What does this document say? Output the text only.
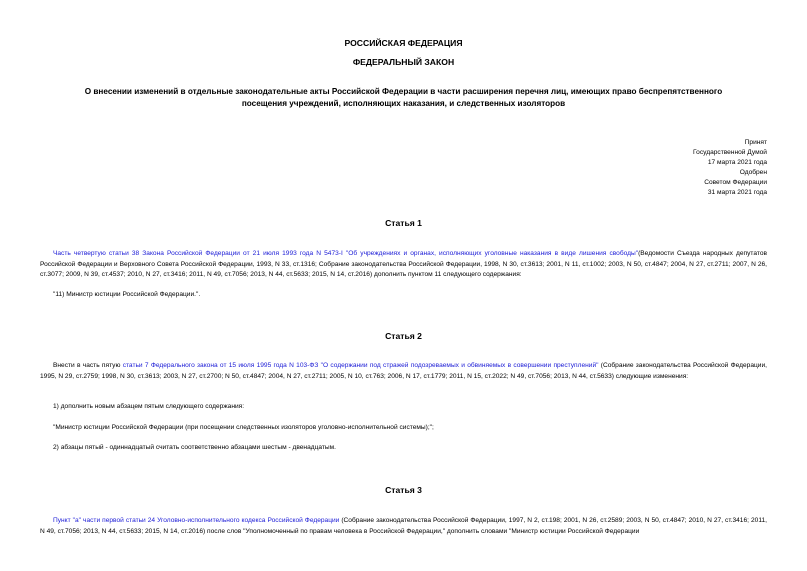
РОССИЙСКАЯ ФЕДЕРАЦИЯ
ФЕДЕРАЛЬНЫЙ ЗАКОН
О внесении изменений в отдельные законодательные акты Российской Федерации в части расширения перечня лиц, имеющих право беспрепятственного
посещения учреждений, исполняющих наказания, и следственных изоляторов
Принят
Государственной Думой
17 марта 2021 года
Одобрен
Советом Федерации
31 марта 2021 года
Статья 1
Часть четвертую статьи 38 Закона Российской Федерации от 21 июля 1993 года N 5473-I "Об учреждениях и органах, исполняющих уголовные наказания в виде лишения свободы"(Ведомости Съезда народных депутатов Российской Федерации и Верховного Совета Российской Федерации, 1993, N 33, ст.1316; Собрание законодательства Российской Федерации, 1998, N 30, ст.3613; 2001, N 11, ст.1002; 2003, N 50, ст.4847; 2004, N 27, ст.2711; 2007, N 26, ст.3077; 2009, N 39, ст.4537; 2010, N 27, ст.3416; 2011, N 49, ст.7056; 2013, N 44, ст.5633; 2015, N 14, ст.2016) дополнить пунктом 11 следующего содержания:
"11) Министр юстиции Российской Федерации.".
Статья 2
Внести в часть пятую статьи 7 Федерального закона от 15 июля 1995 года N 103-ФЗ "О содержании под стражей подозреваемых и обвиняемых в совершении преступлений" (Собрание законодательства Российской Федерации, 1995, N 29, ст.2759; 1998, N 30, ст.3613; 2003, N 27, ст.2700; N 50, ст.4847; 2004, N 27, ст.2711; 2005, N 10, ст.763; 2006, N 17, ст.1779; 2011, N 15, ст.2022; N 49, ст.7056; 2013, N 44, ст.5633) следующие изменения:
1) дополнить новым абзацем пятым следующего содержания:
"Министр юстиции Российской Федерации (при посещении следственных изоляторов уголовно-исполнительной системы);";
2) абзацы пятый - одиннадцатый считать соответственно абзацами шестым - двенадцатым.
Статья 3
Пункт "а" части первой статьи 24 Уголовно-исполнительного кодекса Российской Федерации (Собрание законодательства Российской Федерации, 1997, N 2, ст.198; 2001, N 26, ст.2589; 2003, N 50, ст.4847; 2010, N 27, ст.3416; 2011, N 49, ст.7056; 2013, N 44, ст.5633; 2015, N 14, ст.2016) после слов "Уполномоченный по правам человека в Российской Федерации," дополнить словами "Министр юстиции Российской Федерации
